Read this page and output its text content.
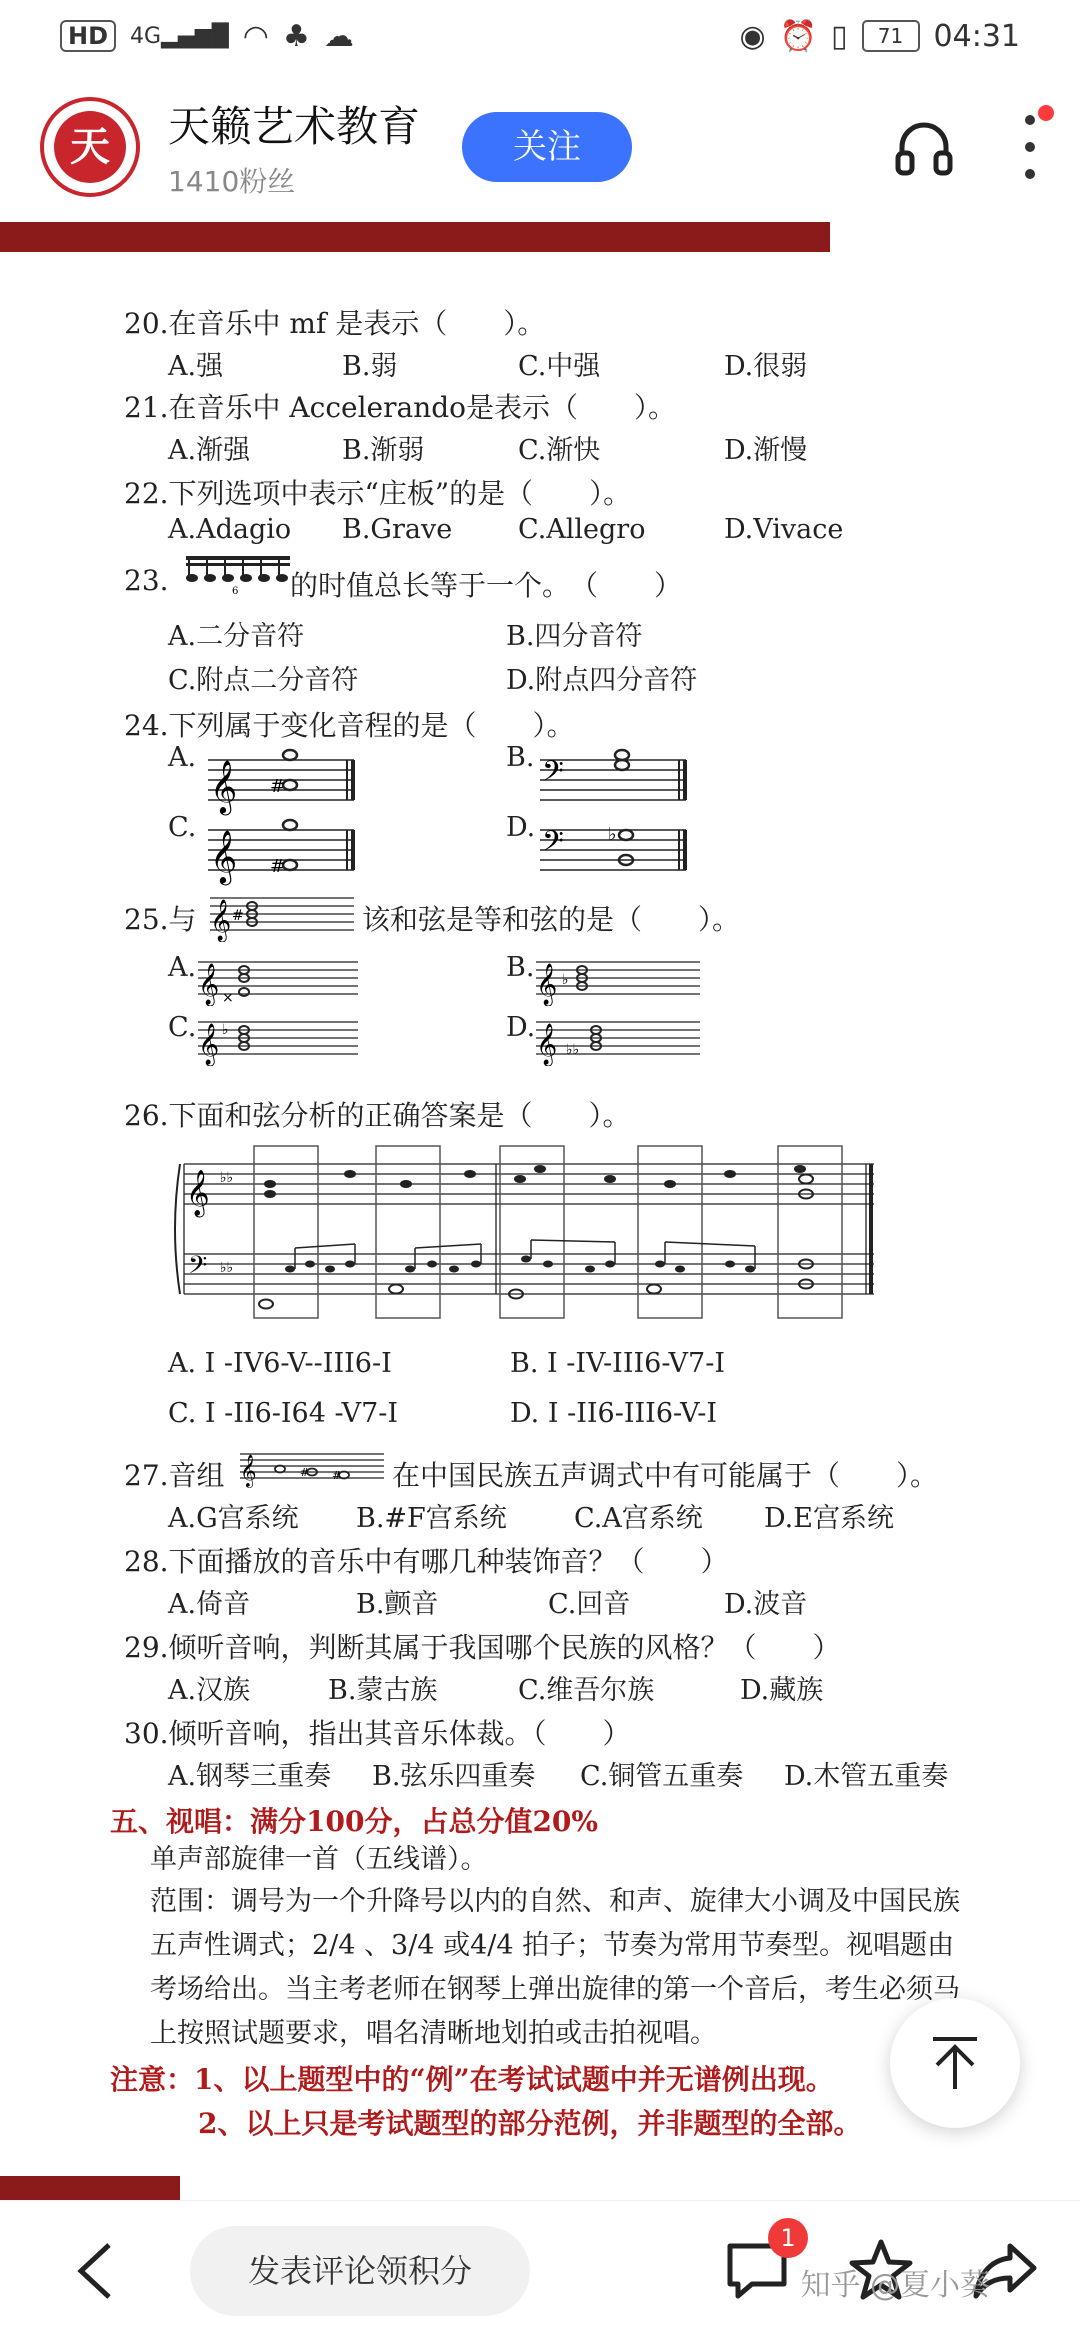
HD	4G▂▄▆█ ◠ ♣ ☁	◉ ⏰ ▯	71	04:31
天	天籁艺术教育
1410粉丝
关注
20.在音乐中 mf 是表示（　　）。
A.强	B.弱	C.中强	D.很弱
21.在音乐中 Accelerando是表示（　　）。
A.渐强	B.渐弱	C.渐快	D.渐慢
22.下列选项中表示“庄板”的是（　　）。
A.Adagio B.Grave C.Allegro	D.Vivace
23.	6 的时值总长等于一个。　（　　）
A.二分音符	B.四分音符
C.附点二分音符	D.附点四分音符
24.下列属于变化音程的是（　　）。
A.
𝄞 #
B. 𝄢
C.
𝄞 #
D. 𝄢 ♭
25.与 𝄞 #	该和弦是等和弦的是（　　）。
A. 𝄞 ×
B. 𝄞 ♭
C. 𝄞 ♭	D. 𝄞 ♭♭
26.下面和弦分析的正确答案是（　　）。
𝄞
𝄢
♭♭
♭♭
A. I -IV6-V--III6-I	B. I -IV-III6-V7-I
C. I -II6-I64 -V7-I	D. I -II6-III6-V-I
27.音组 𝄞	# # 在中国民族五声调式中有可能属于（　　）。
A.G宫系统 B.#F宫系统 C.A宫系统 D.E宫系统
28.下面播放的音乐中有哪几种装饰音？（　　）
A.倚音	B.颤音	C.回音	D.波音
29.倾听音响，判断其属于我国哪个民族的风格？（　　）
A.汉族	B.蒙古族	C.维吾尔族	D.藏族
30.倾听音响，指出其音乐体裁。（　　）
A.钢琴三重奏 B.弦乐四重奏 C.铜管五重奏 D.木管五重奏
五、视唱：满分100分，占总分值20%
单声部旋律一首（五线谱）。
范围：调号为一个升降号以内的自然、和声、旋律大小调及中国民族五声性调式；2/4 、3/4 或4/4 拍子；节奏为常用节奏型。视唱题由考场给出。当主考老师在钢琴上弹出旋律的第一个音后，考生必须马上按照试题要求，唱名清晰地划拍或击拍视唱。
注意：1、以上题型中的“例”在考试试题中并无谱例出现。
2、以上只是考试题型的部分范例，并非题型的全部。
发表评论领积分
1
知乎 @夏小葵
